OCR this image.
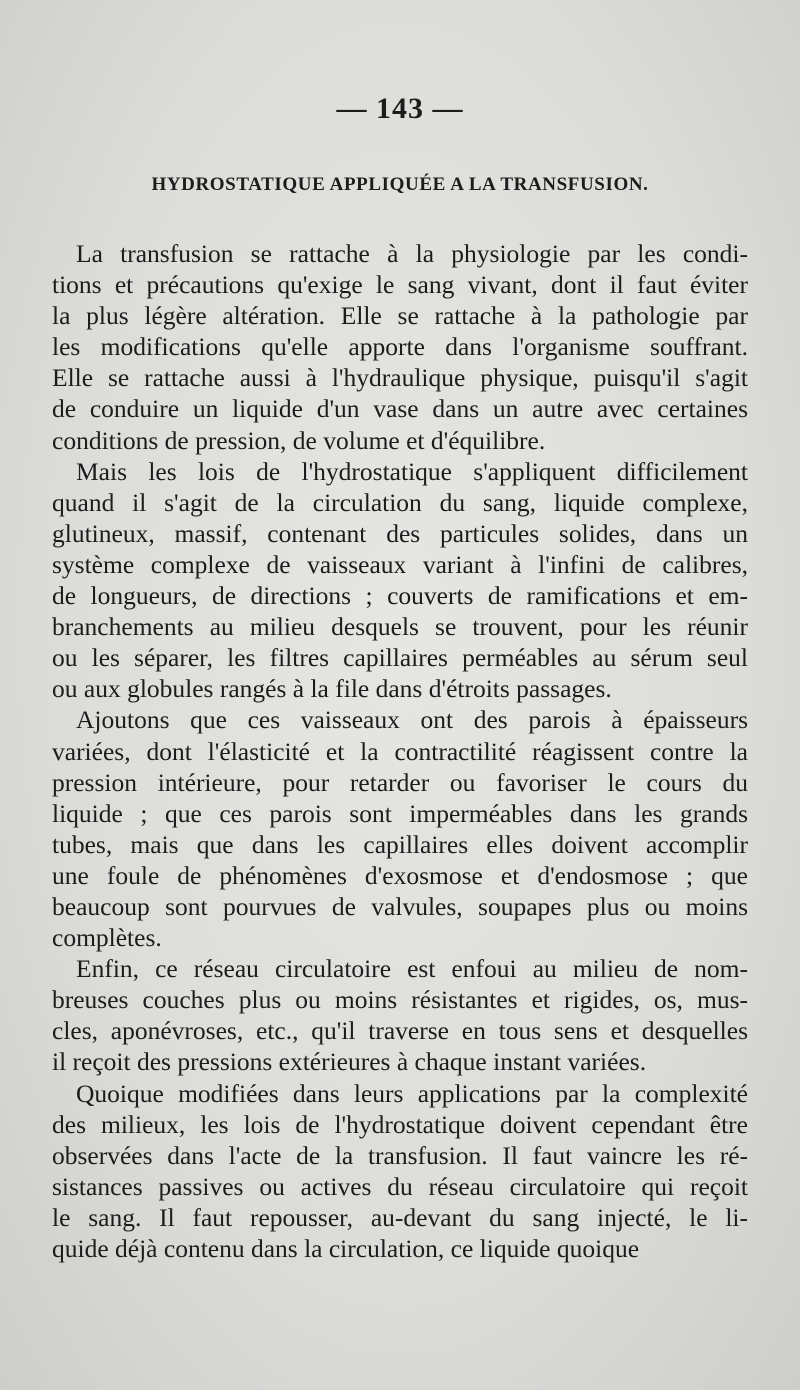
— 143 —
HYDROSTATIQUE APPLIQUÉE A LA TRANSFUSION.
La transfusion se rattache à la physiologie par les condi-
tions et précautions qu'exige le sang vivant, dont il faut éviter
la plus légère altération. Elle se rattache à la pathologie par
les modifications qu'elle apporte dans l'organisme souffrant.
Elle se rattache aussi à l'hydraulique physique, puisqu'il s'agit
de conduire un liquide d'un vase dans un autre avec certaines
conditions de pression, de volume et d'équilibre.
Mais les lois de l'hydrostatique s'appliquent difficilement
quand il s'agit de la circulation du sang, liquide complexe,
glutineux, massif, contenant des particules solides, dans un
système complexe de vaisseaux variant à l'infini de calibres,
de longueurs, de directions ; couverts de ramifications et em-
branchements au milieu desquels se trouvent, pour les réunir
ou les séparer, les filtres capillaires perméables au sérum seul
ou aux globules rangés à la file dans d'étroits passages.
Ajoutons que ces vaisseaux ont des parois à épaisseurs
variées, dont l'élasticité et la contractilité réagissent contre la
pression intérieure, pour retarder ou favoriser le cours du
liquide ; que ces parois sont imperméables dans les grands
tubes, mais que dans les capillaires elles doivent accomplir
une foule de phénomènes d'exosmose et d'endosmose ; que
beaucoup sont pourvues de valvules, soupapes plus ou moins
complètes.
Enfin, ce réseau circulatoire est enfoui au milieu de nom-
breuses couches plus ou moins résistantes et rigides, os, mus-
cles, aponévroses, etc., qu'il traverse en tous sens et desquelles
il reçoit des pressions extérieures à chaque instant variées.
Quoique modifiées dans leurs applications par la complexité
des milieux, les lois de l'hydrostatique doivent cependant être
observées dans l'acte de la transfusion. Il faut vaincre les ré-
sistances passives ou actives du réseau circulatoire qui reçoit
le sang. Il faut repousser, au-devant du sang injecté, le li-
quide déjà contenu dans la circulation, ce liquide quoique
